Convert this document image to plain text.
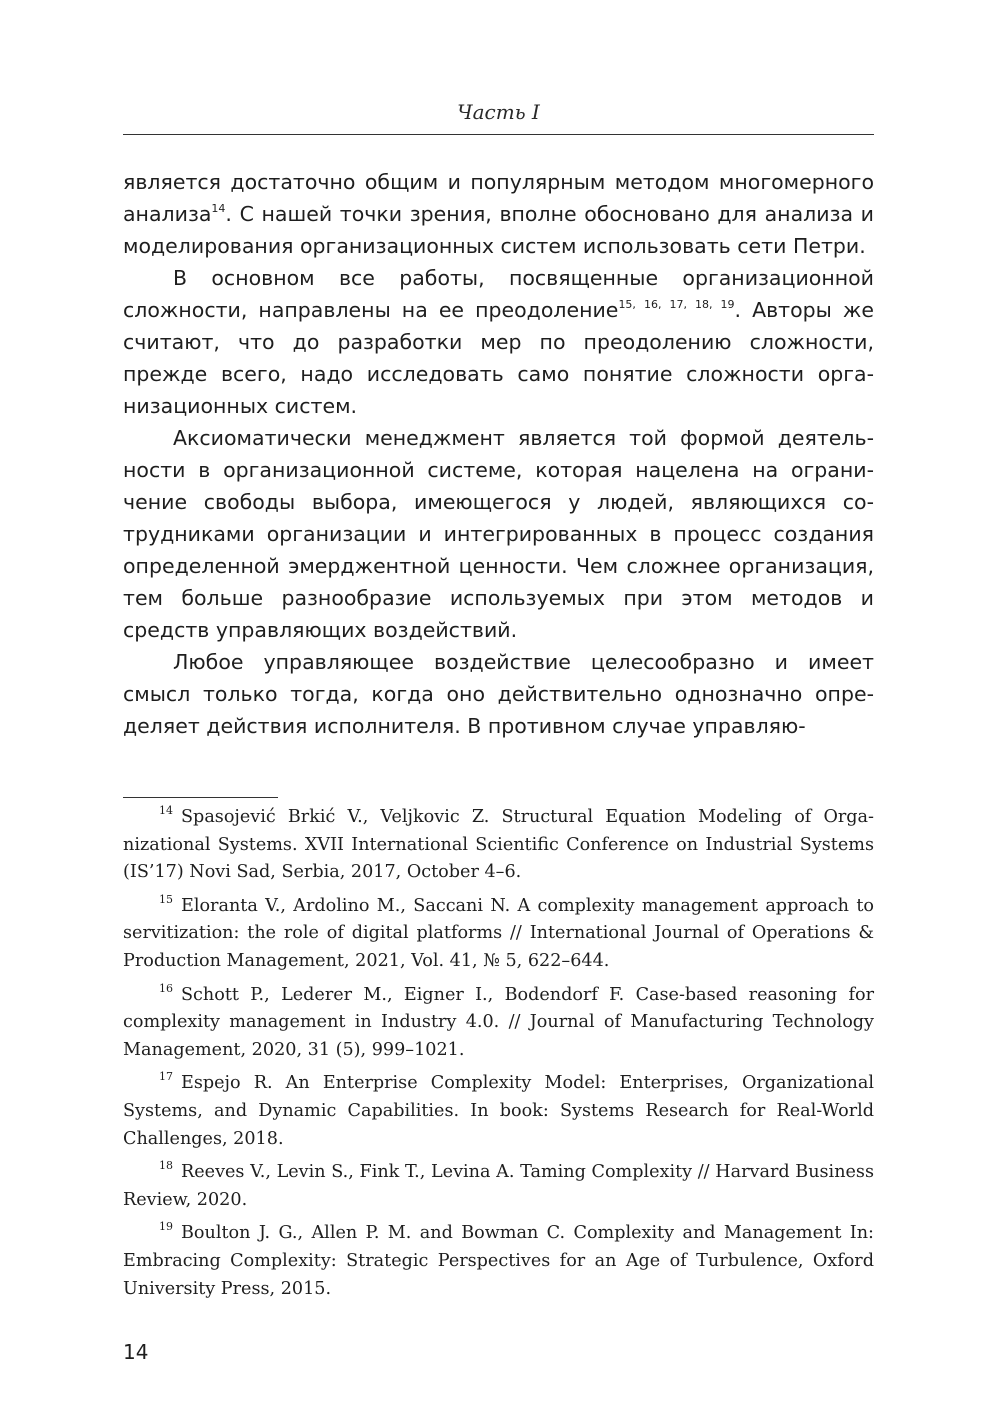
Часть I

является достаточно общим и популярным методом многомерного анализа$^{14}$. С нашей точки зрения, вполне обосновано для анализа и моделирования организационных систем использовать сети Петри.

В основном все работы, посвященные организационной сложности, направлены на ее преодоление$^{15, 16, 17, 18, 19}$. Авторы же считают, что до разработки мер по преодолению сложности, прежде всего, надо исследовать само понятие сложности организационных систем.

Аксиоматически менеджмент является той формой деятельности в организационной системе, которая нацелена на ограничение свободы выбора, имеющегося у людей, являющихся сотрудниками организации и интегрированных в процесс создания определенной эмерджентной ценности. Чем сложнее организация, тем больше разнообразие используемых при этом методов и средств управляющих воздействий.

Любое управляющее воздействие целесообразно и имеет смысл только тогда, когда оно действительно однозначно определяет действия исполнителя. В противном случае управляю-

$^{14}$ Spasojević Brkić V., Veljkovic Z. Structural Equation Modeling of Organizational Systems. XVII International Scientific Conference on Industrial Systems (IS’17) Novi Sad, Serbia, 2017, October 4–6.

$^{15}$ Eloranta V., Ardolino M., Saccani N. A complexity management approach to servitization: the role of digital platforms // International Journal of Operations & Production Management, 2021, Vol. 41, № 5, 622–644.

$^{16}$ Schott P., Lederer M., Eigner I., Bodendorf F. Case-based reasoning for complexity management in Industry 4.0. // Journal of Manufacturing Technology Management, 2020, 31 (5), 999–1021.

$^{17}$ Espejo R. An Enterprise Complexity Model: Enterprises, Organizational Systems, and Dynamic Capabilities. In book: Systems Research for Real-World Challenges, 2018.

$^{18}$ Reeves V., Levin S., Fink T., Levina A. Taming Complexity // Harvard Business Review, 2020.

$^{19}$ Boulton J. G., Allen P. M. and Bowman C. Complexity and Management In: Embracing Complexity: Strategic Perspectives for an Age of Turbulence, Oxford University Press, 2015.

14
